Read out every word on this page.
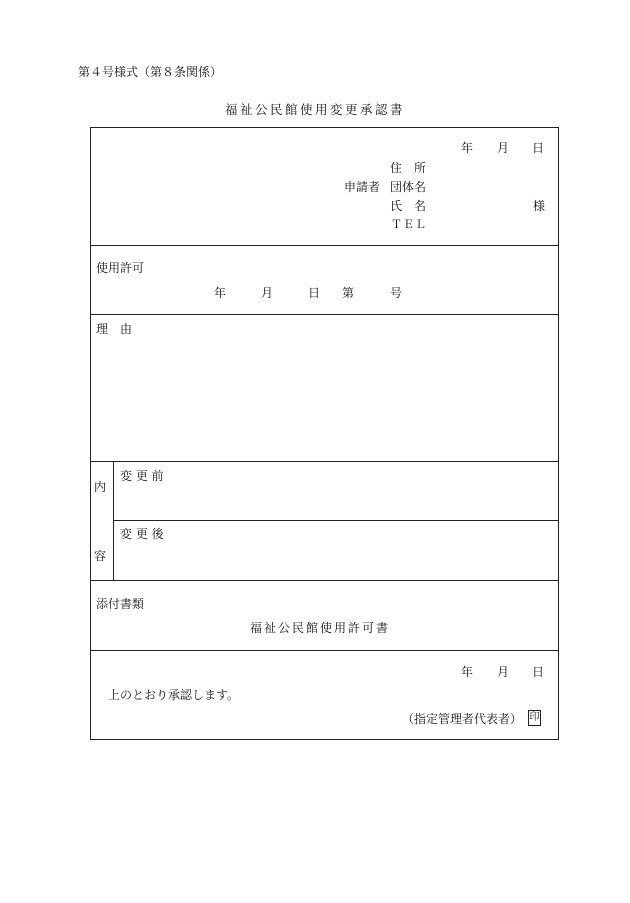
第４号様式（第８条関係）
福祉公民館使用変更承認書
年 月 日
住　所
申請者 団体名
氏　名	様
ＴＥＬ
使用許可
年	月	日 第	号
理　由
内
容
変 更 前
変 更 後
添付書類
福祉公民館使用許可書
年 月 日
上のとおり承認します。
（指定管理者代表者） 印
